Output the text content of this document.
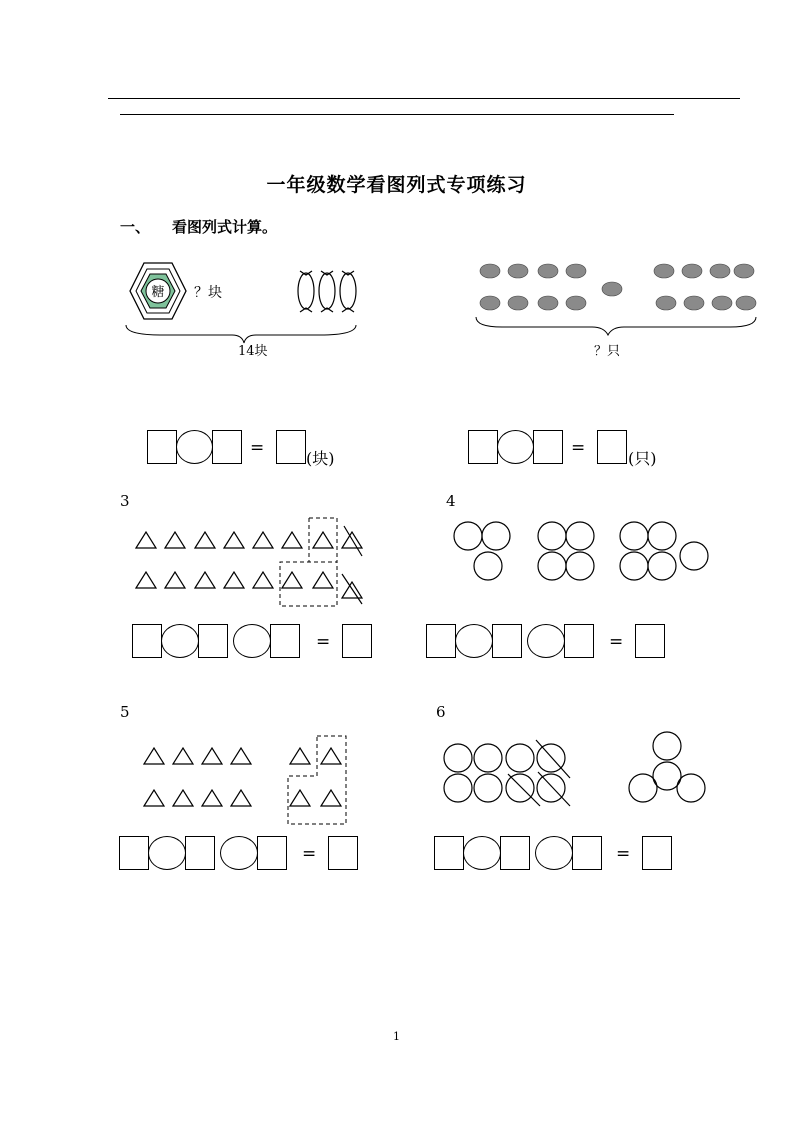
一年级数学看图列式专项练习
一、 看图列式计算。
糖 ？块
14块	？只
=
(块)
=
(只)
3
=
4
=
5
=
6
=
1
